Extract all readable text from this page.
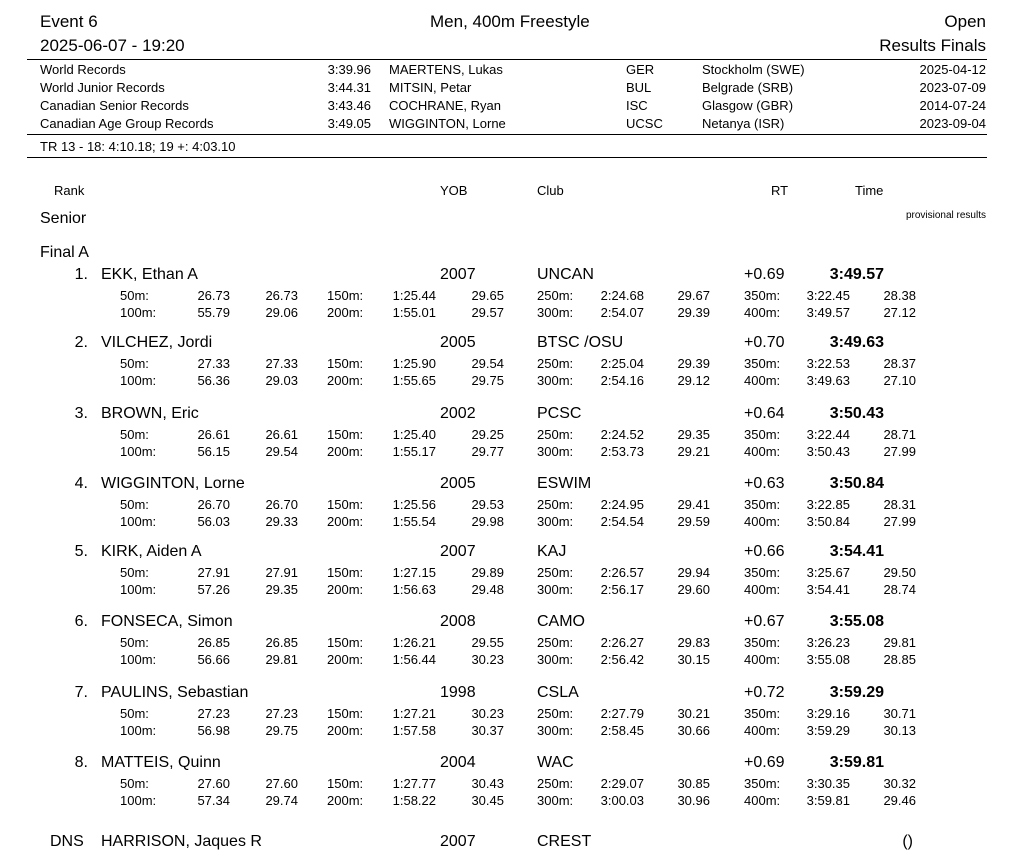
Event 6	Men, 400m Freestyle	Open
2025-06-07 - 19:20	Results Finals
World Records	3:39.96 MAERTENS, Lukas	GER	Stockholm (SWE)	2025-04-12
World Junior Records	3:44.31 MITSIN, Petar	BUL	Belgrade (SRB)	2023-07-09
Canadian Senior Records	3:43.46 COCHRANE, Ryan	ISC	Glasgow (GBR)	2014-07-24
Canadian Age Group Records	3:49.05 WIGGINTON, Lorne	UCSC	Netanya (ISR)	2023-09-04
TR 13 - 18: 4:10.18; 19 +: 4:03.10
Rank	YOB	Club	RT	Time
Senior	provisional results
Final A
1. EKK, Ethan A	2007	UNCAN	+0.69	3:49.57
50m:	26.73	26.73 150m:	1:25.44	29.65	250m:	2:24.68	29.67	350m:	3:22.45	28.38
100m:	55.79	29.06 200m:	1:55.01	29.57	300m:	2:54.07	29.39	400m:	3:49.57	27.12
2. VILCHEZ, Jordi	2005	BTSC /OSU	+0.70	3:49.63
50m:	27.33	27.33 150m:	1:25.90	29.54	250m:	2:25.04	29.39	350m:	3:22.53	28.37
100m:	56.36	29.03 200m:	1:55.65	29.75	300m:	2:54.16	29.12	400m:	3:49.63	27.10
3. BROWN, Eric	2002	PCSC	+0.64	3:50.43
50m:	26.61	26.61 150m:	1:25.40	29.25	250m:	2:24.52	29.35	350m:	3:22.44	28.71
100m:	56.15	29.54 200m:	1:55.17	29.77	300m:	2:53.73	29.21	400m:	3:50.43	27.99
4. WIGGINTON, Lorne	2005	ESWIM	+0.63	3:50.84
50m:	26.70	26.70 150m:	1:25.56	29.53	250m:	2:24.95	29.41	350m:	3:22.85	28.31
100m:	56.03	29.33 200m:	1:55.54	29.98	300m:	2:54.54	29.59	400m:	3:50.84	27.99
5. KIRK, Aiden A	2007	KAJ	+0.66	3:54.41
50m:	27.91	27.91 150m:	1:27.15	29.89	250m:	2:26.57	29.94	350m:	3:25.67	29.50
100m:	57.26	29.35 200m:	1:56.63	29.48	300m:	2:56.17	29.60	400m:	3:54.41	28.74
6. FONSECA, Simon	2008	CAMO	+0.67	3:55.08
50m:	26.85	26.85 150m:	1:26.21	29.55	250m:	2:26.27	29.83	350m:	3:26.23	29.81
100m:	56.66	29.81 200m:	1:56.44	30.23	300m:	2:56.42	30.15	400m:	3:55.08	28.85
7. PAULINS, Sebastian	1998	CSLA	+0.72	3:59.29
50m:	27.23	27.23 150m:	1:27.21	30.23	250m:	2:27.79	30.21	350m:	3:29.16	30.71
100m:	56.98	29.75 200m:	1:57.58	30.37	300m:	2:58.45	30.66	400m:	3:59.29	30.13
8. MATTEIS, Quinn	2004	WAC	+0.69	3:59.81
50m:	27.60	27.60 150m:	1:27.77	30.43	250m:	2:29.07	30.85	350m:	3:30.35	30.32
100m:	57.34	29.74 200m:	1:58.22	30.45	300m:	3:00.03	30.96	400m:	3:59.81	29.46
DNS HARRISON, Jaques R	2007	CREST	()
